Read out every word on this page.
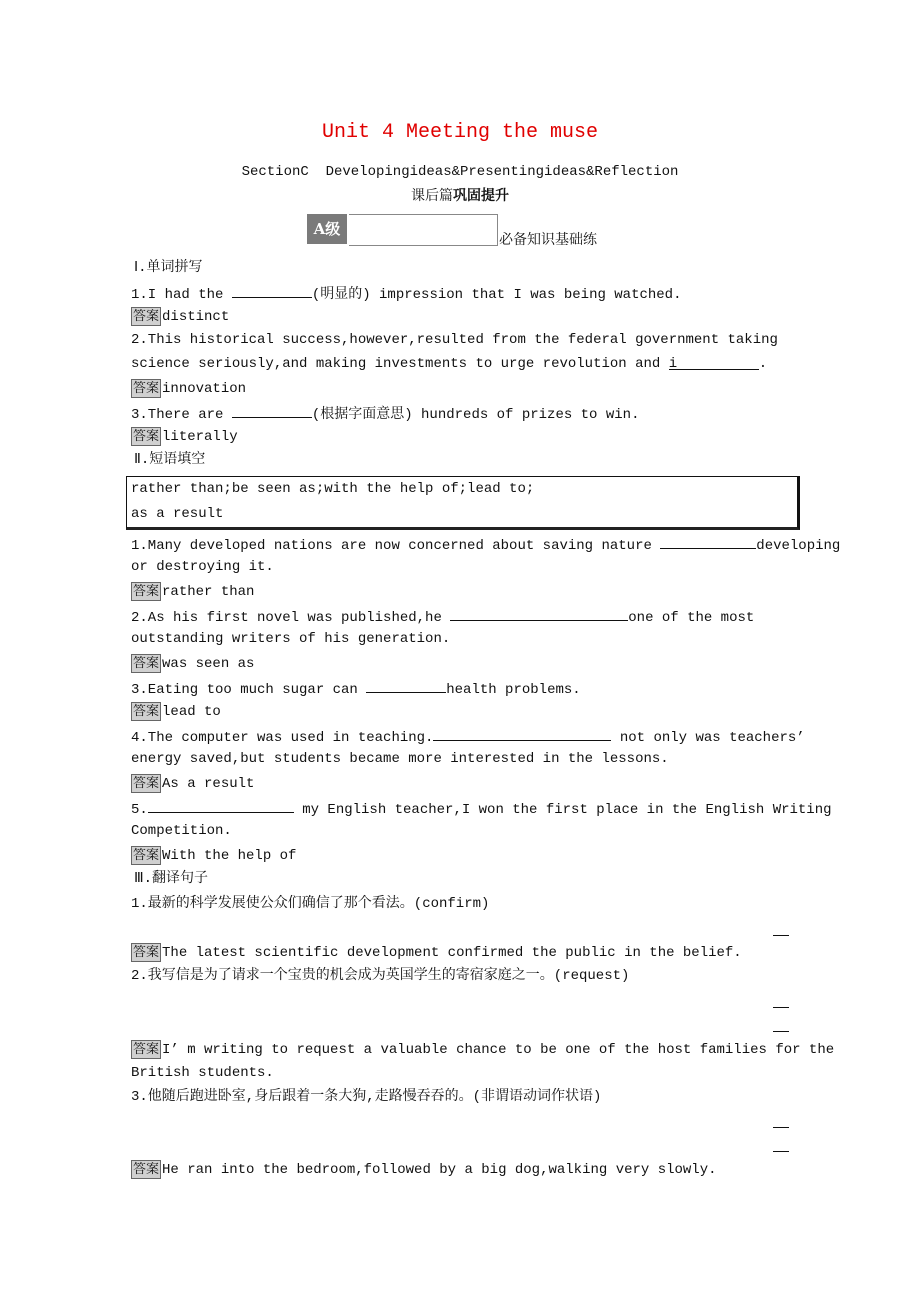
Unit 4 Meeting the muse
SectionC  Developingideas&Presentingideas&Reflection
课后篇巩固提升
A级
必备知识基础练
Ⅰ.单词拼写
1.I had the	(明显的) impression that I was being watched.
答案 distinct
2.This historical success,however,resulted from the federal government taking
science seriously,and making investments to urge revolution and i	.
答案 innovation
3.There are	(根据字面意思) hundreds of prizes to win.
答案 literally
Ⅱ.短语填空
rather than;be seen as;with the help of;lead to;
as a result
1.Many developed nations are now concerned about saving nature	developing
or destroying it.
答案 rather than
2.As his first novel was published,he	one of the most
outstanding writers of his generation.
答案 was seen as
3.Eating too much sugar can	health problems.
答案 lead to
4.The computer was used in teaching.	not only was teachers’
energy saved,but students became more interested in the lessons.
答案 As a result
5.	my English teacher,I won the first place in the English Writing
Competition.
答案 With the help of
Ⅲ.翻译句子
1.最新的科学发展使公众们确信了那个看法。(confirm)
答案 The latest scientific development confirmed the public in the belief.
2.我写信是为了请求一个宝贵的机会成为英国学生的寄宿家庭之一。(request)
答案 I’ m writing to request a valuable chance to be one of the host families for the
British students.
3.他随后跑进卧室,身后跟着一条大狗,走路慢吞吞的。(非谓语动词作状语)
答案 He ran into the bedroom,followed by a big dog,walking very slowly.
